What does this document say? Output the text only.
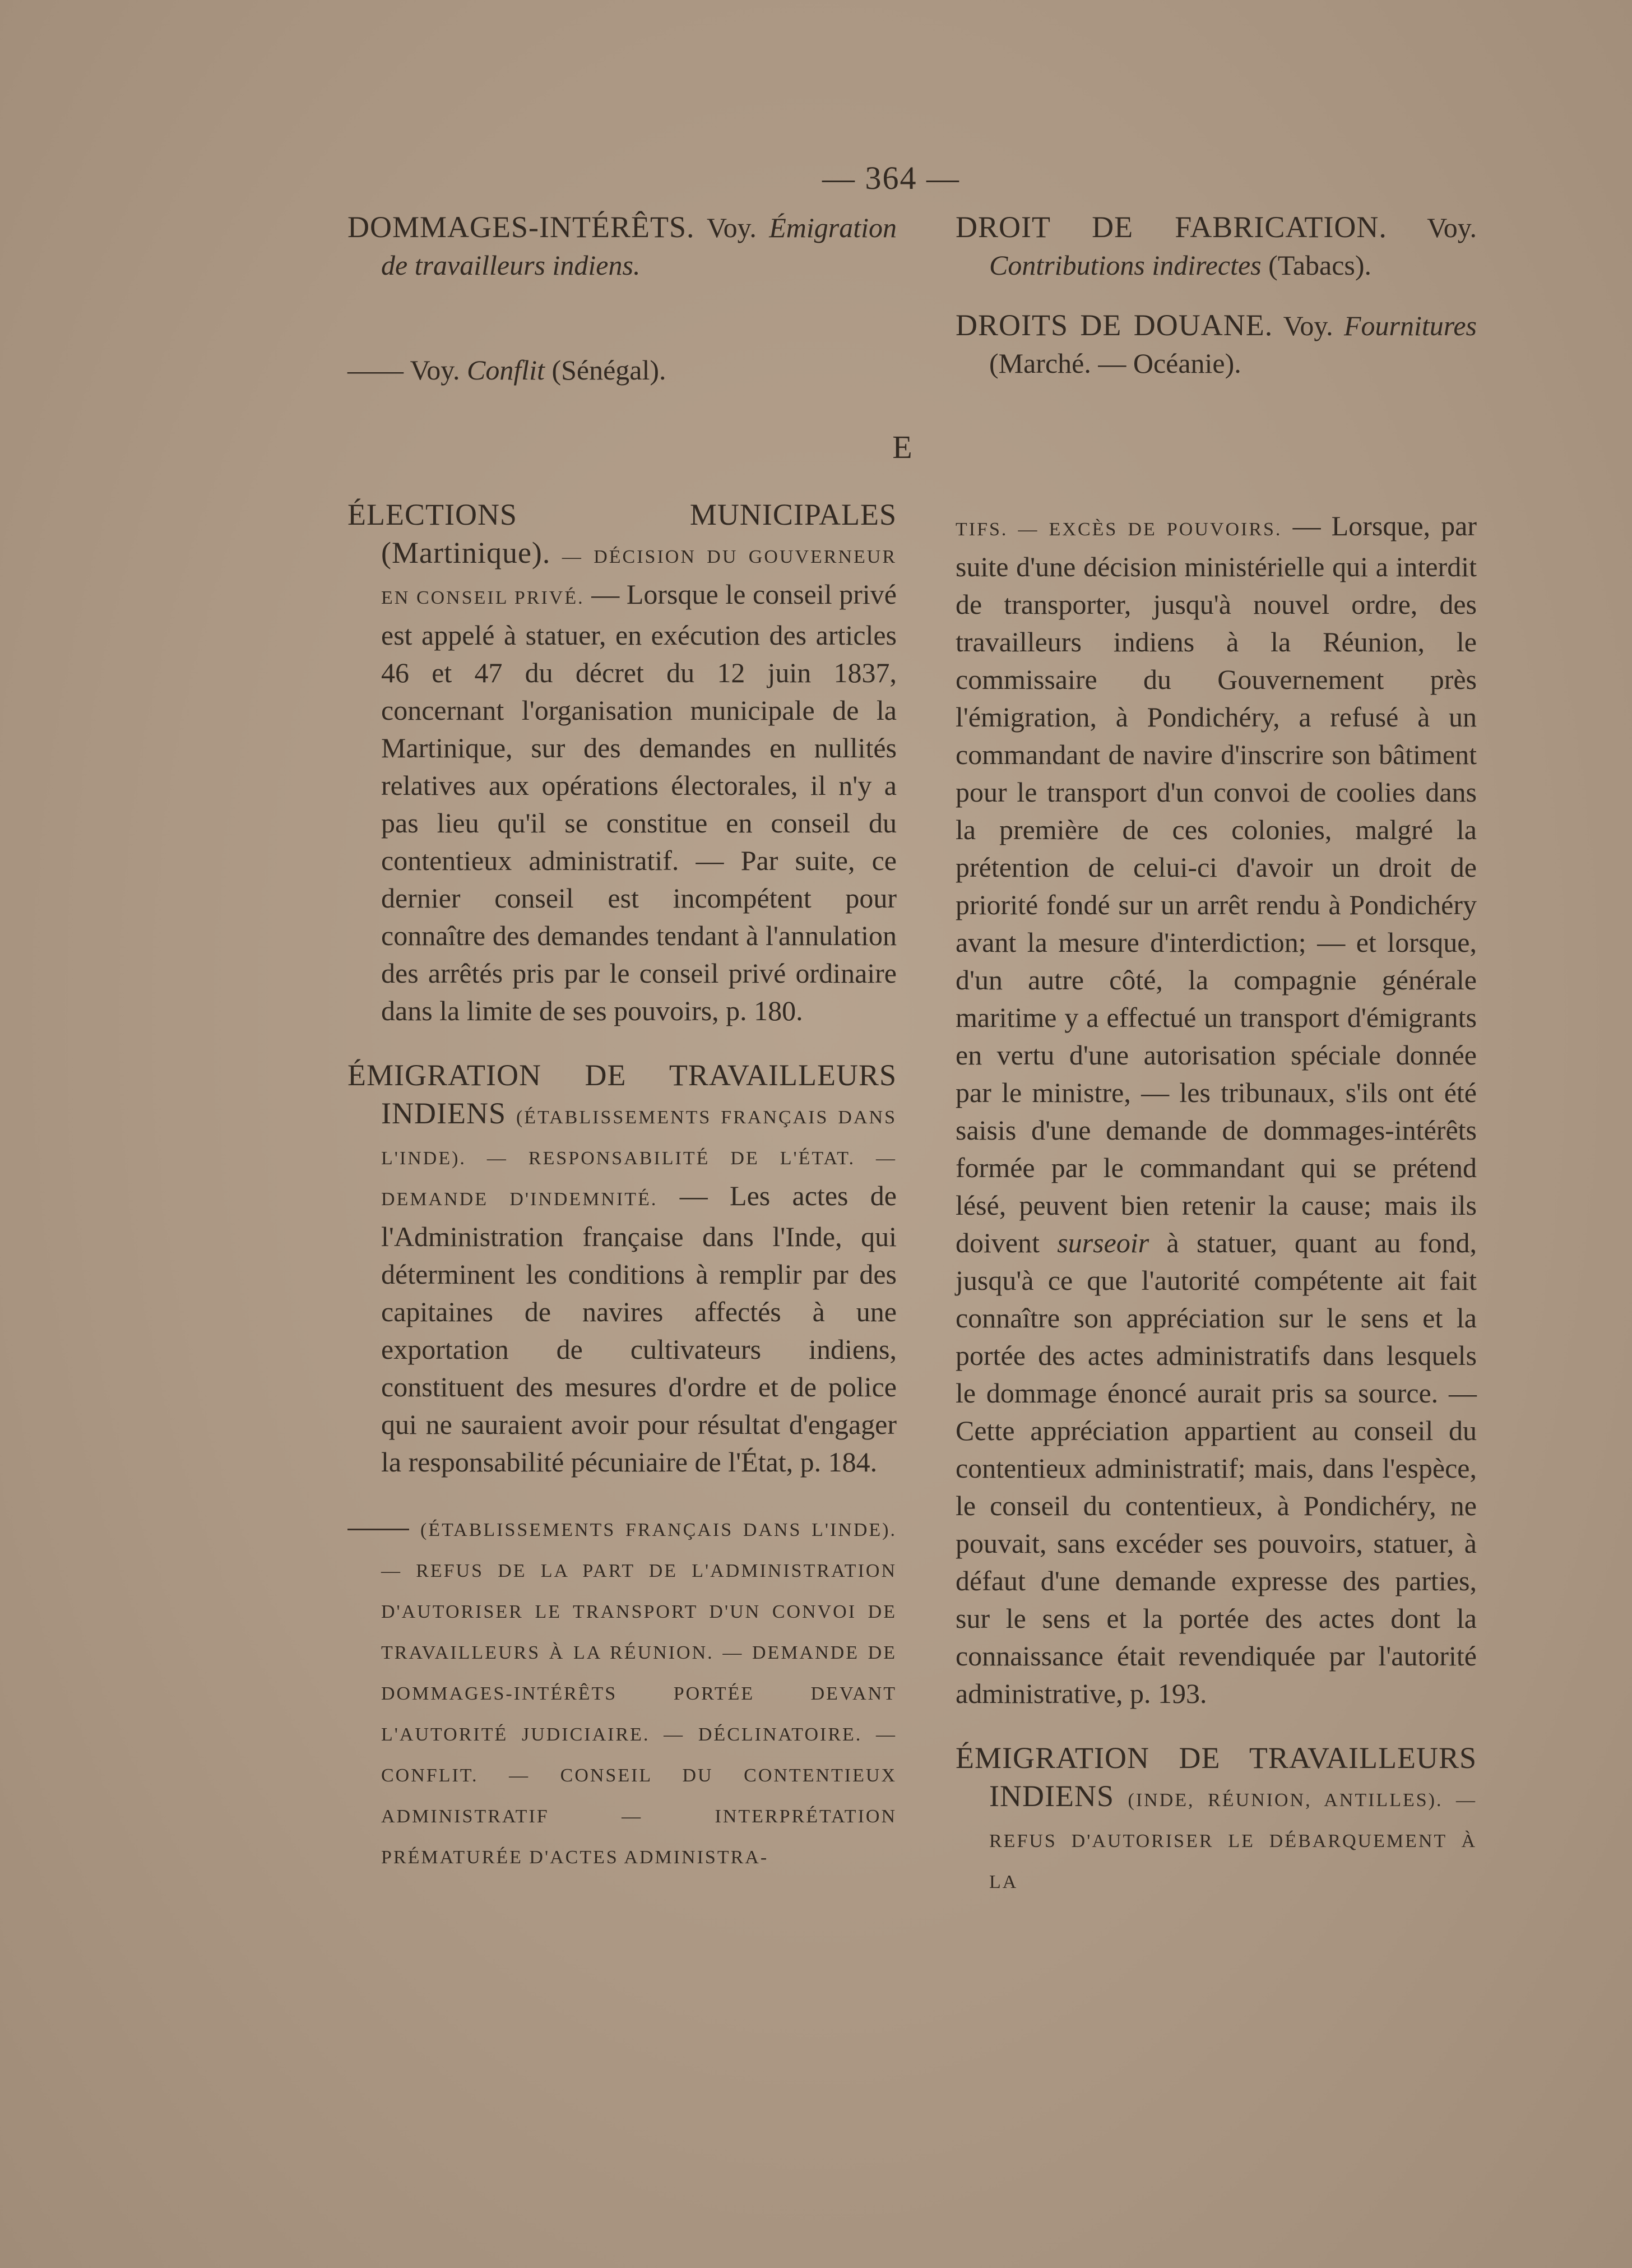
— 364 —

DOMMAGES-INTÉRÊTS. Voy. Émigration de travailleurs indiens.

—— Voy. Conflit (Sénégal).

DROIT DE FABRICATION. Voy. Contributions indirectes (Tabacs).

DROITS DE DOUANE. Voy. Fournitures (Marché. — Océanie).

E

ÉLECTIONS MUNICIPALES (Martinique). — DÉCISION DU GOUVERNEUR EN CONSEIL PRIVÉ. — Lorsque le conseil privé est appelé à statuer, en exécution des articles 46 et 47 du décret du 12 juin 1837, concernant l'organisation municipale de la Martinique, sur des demandes en nullités relatives aux opérations électorales, il n'y a pas lieu qu'il se constitue en conseil du contentieux administratif. — Par suite, ce dernier conseil est incompétent pour connaître des demandes tendant à l'annulation des arrêtés pris par le conseil privé ordinaire dans la limite de ses pouvoirs, p. 180.

ÉMIGRATION DE TRAVAILLEURS INDIENS (ÉTABLISSEMENTS FRANÇAIS DANS L'INDE). — RESPONSABILITÉ DE L'ÉTAT. — DEMANDE D'INDEMNITÉ. — Les actes de l'Administration française dans l'Inde, qui déterminent les conditions à remplir par des capitaines de navires affectés à une exportation de cultivateurs indiens, constituent des mesures d'ordre et de police qui ne sauraient avoir pour résultat d'engager la responsabilité pécuniaire de l'État, p. 184.

(ÉTABLISSEMENTS FRANÇAIS DANS L'INDE). — REFUS DE LA PART DE L'ADMINISTRATION D'AUTORISER LE TRANSPORT D'UN CONVOI DE TRAVAILLEURS À LA RÉUNION. — DEMANDE DE DOMMAGES-INTÉRÊTS PORTÉE DEVANT L'AUTORITÉ JUDICIAIRE. — DÉCLINATOIRE. — CONFLIT. — CONSEIL DU CONTENTIEUX ADMINISTRATIF — INTERPRÉTATION PRÉMATURÉE D'ACTES ADMINISTRA-

TIFS. — EXCÈS DE POUVOIRS. — Lorsque, par suite d'une décision ministérielle qui a interdit de transporter, jusqu'à nouvel ordre, des travailleurs indiens à la Réunion, le commissaire du Gouvernement près l'émigration, à Pondichéry, a refusé à un commandant de navire d'inscrire son bâtiment pour le transport d'un convoi de coolies dans la première de ces colonies, malgré la prétention de celui-ci d'avoir un droit de priorité fondé sur un arrêt rendu à Pondichéry avant la mesure d'interdiction; — et lorsque, d'un autre côté, la compagnie générale maritime y a effectué un transport d'émigrants en vertu d'une autorisation spéciale donnée par le ministre, — les tribunaux, s'ils ont été saisis d'une demande de dommages-intérêts formée par le commandant qui se prétend lésé, peuvent bien retenir la cause; mais ils doivent surseoir à statuer, quant au fond, jusqu'à ce que l'autorité compétente ait fait connaître son appréciation sur le sens et la portée des actes administratifs dans lesquels le dommage énoncé aurait pris sa source. — Cette appréciation appartient au conseil du contentieux administratif; mais, dans l'espèce, le conseil du contentieux, à Pondichéry, ne pouvait, sans excéder ses pouvoirs, statuer, à défaut d'une demande expresse des parties, sur le sens et la portée des actes dont la connaissance était revendiquée par l'autorité administrative, p. 193.

ÉMIGRATION DE TRAVAILLEURS INDIENS (INDE, RÉUNION, ANTILLES). — REFUS D'AUTORISER LE DÉBARQUEMENT À LA
